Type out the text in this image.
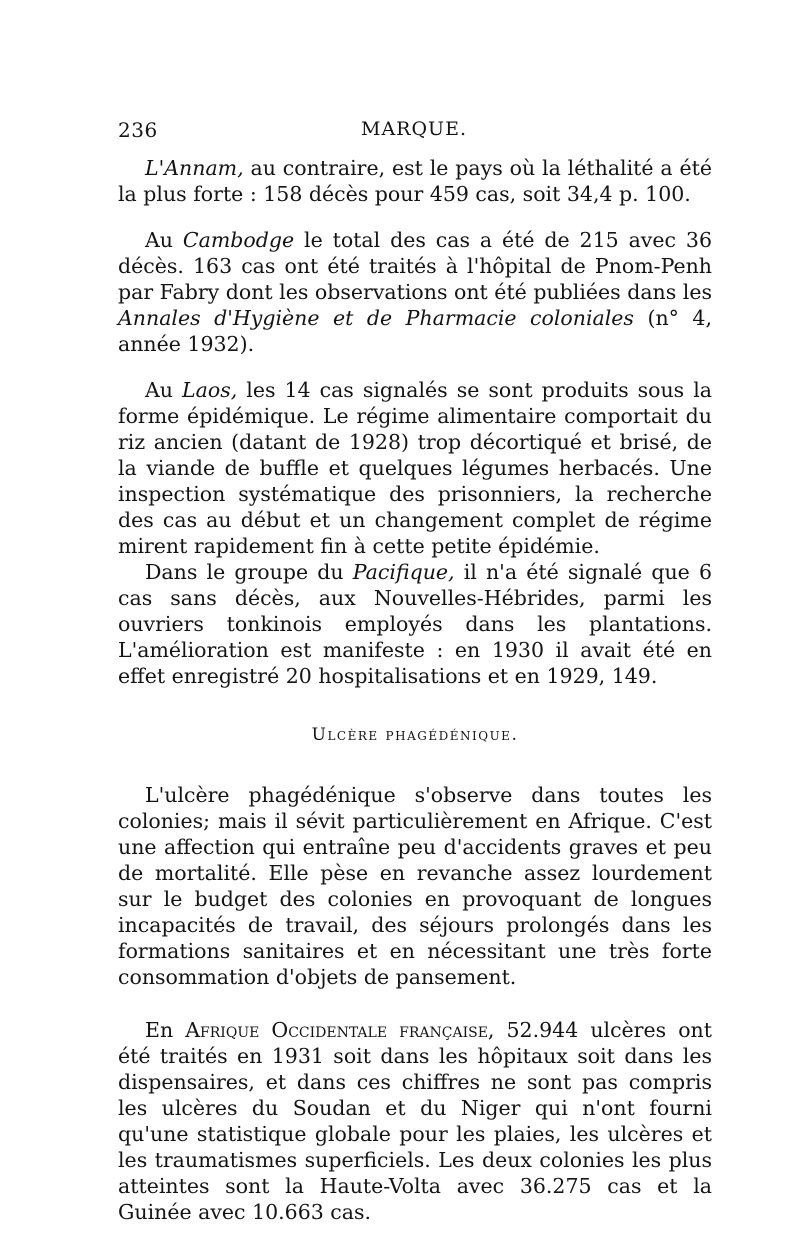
236	MARQUE.

L'Annam, au contraire, est le pays où la léthalité a été la plus forte : 158 décès pour 459 cas, soit 34,4 p. 100.

Au Cambodge le total des cas a été de 215 avec 36 décès. 163 cas ont été traités à l'hôpital de Pnom-Penh par Fabry dont les observations ont été publiées dans les Annales d'Hygiène et de Pharmacie coloniales (n° 4, année 1932).

Au Laos, les 14 cas signalés se sont produits sous la forme épidémique. Le régime alimentaire comportait du riz ancien (datant de 1928) trop décortiqué et brisé, de la viande de buffle et quelques légumes herbacés. Une inspection systématique des prisonniers, la recherche des cas au début et un changement complet de régime mirent rapidement fin à cette petite épidémie.

Dans le groupe du Pacifique, il n'a été signalé que 6 cas sans décès, aux Nouvelles-Hébrides, parmi les ouvriers tonkinois employés dans les plantations. L'amélioration est manifeste : en 1930 il avait été en effet enregistré 20 hospitalisations et en 1929, 149.

Ulcère phagédénique.

L'ulcère phagédénique s'observe dans toutes les colonies; mais il sévit particulièrement en Afrique. C'est une affection qui entraîne peu d'accidents graves et peu de mortalité. Elle pèse en revanche assez lourdement sur le budget des colonies en provoquant de longues incapacités de travail, des séjours prolongés dans les formations sanitaires et en nécessitant une très forte consommation d'objets de pansement.

En Afrique Occidentale française, 52.944 ulcères ont été traités en 1931 soit dans les hôpitaux soit dans les dispensaires, et dans ces chiffres ne sont pas compris les ulcères du Soudan et du Niger qui n'ont fourni qu'une statistique globale pour les plaies, les ulcères et les traumatismes superficiels. Les deux colonies les plus atteintes sont la Haute-Volta avec 36.275 cas et la Guinée avec 10.663 cas.
